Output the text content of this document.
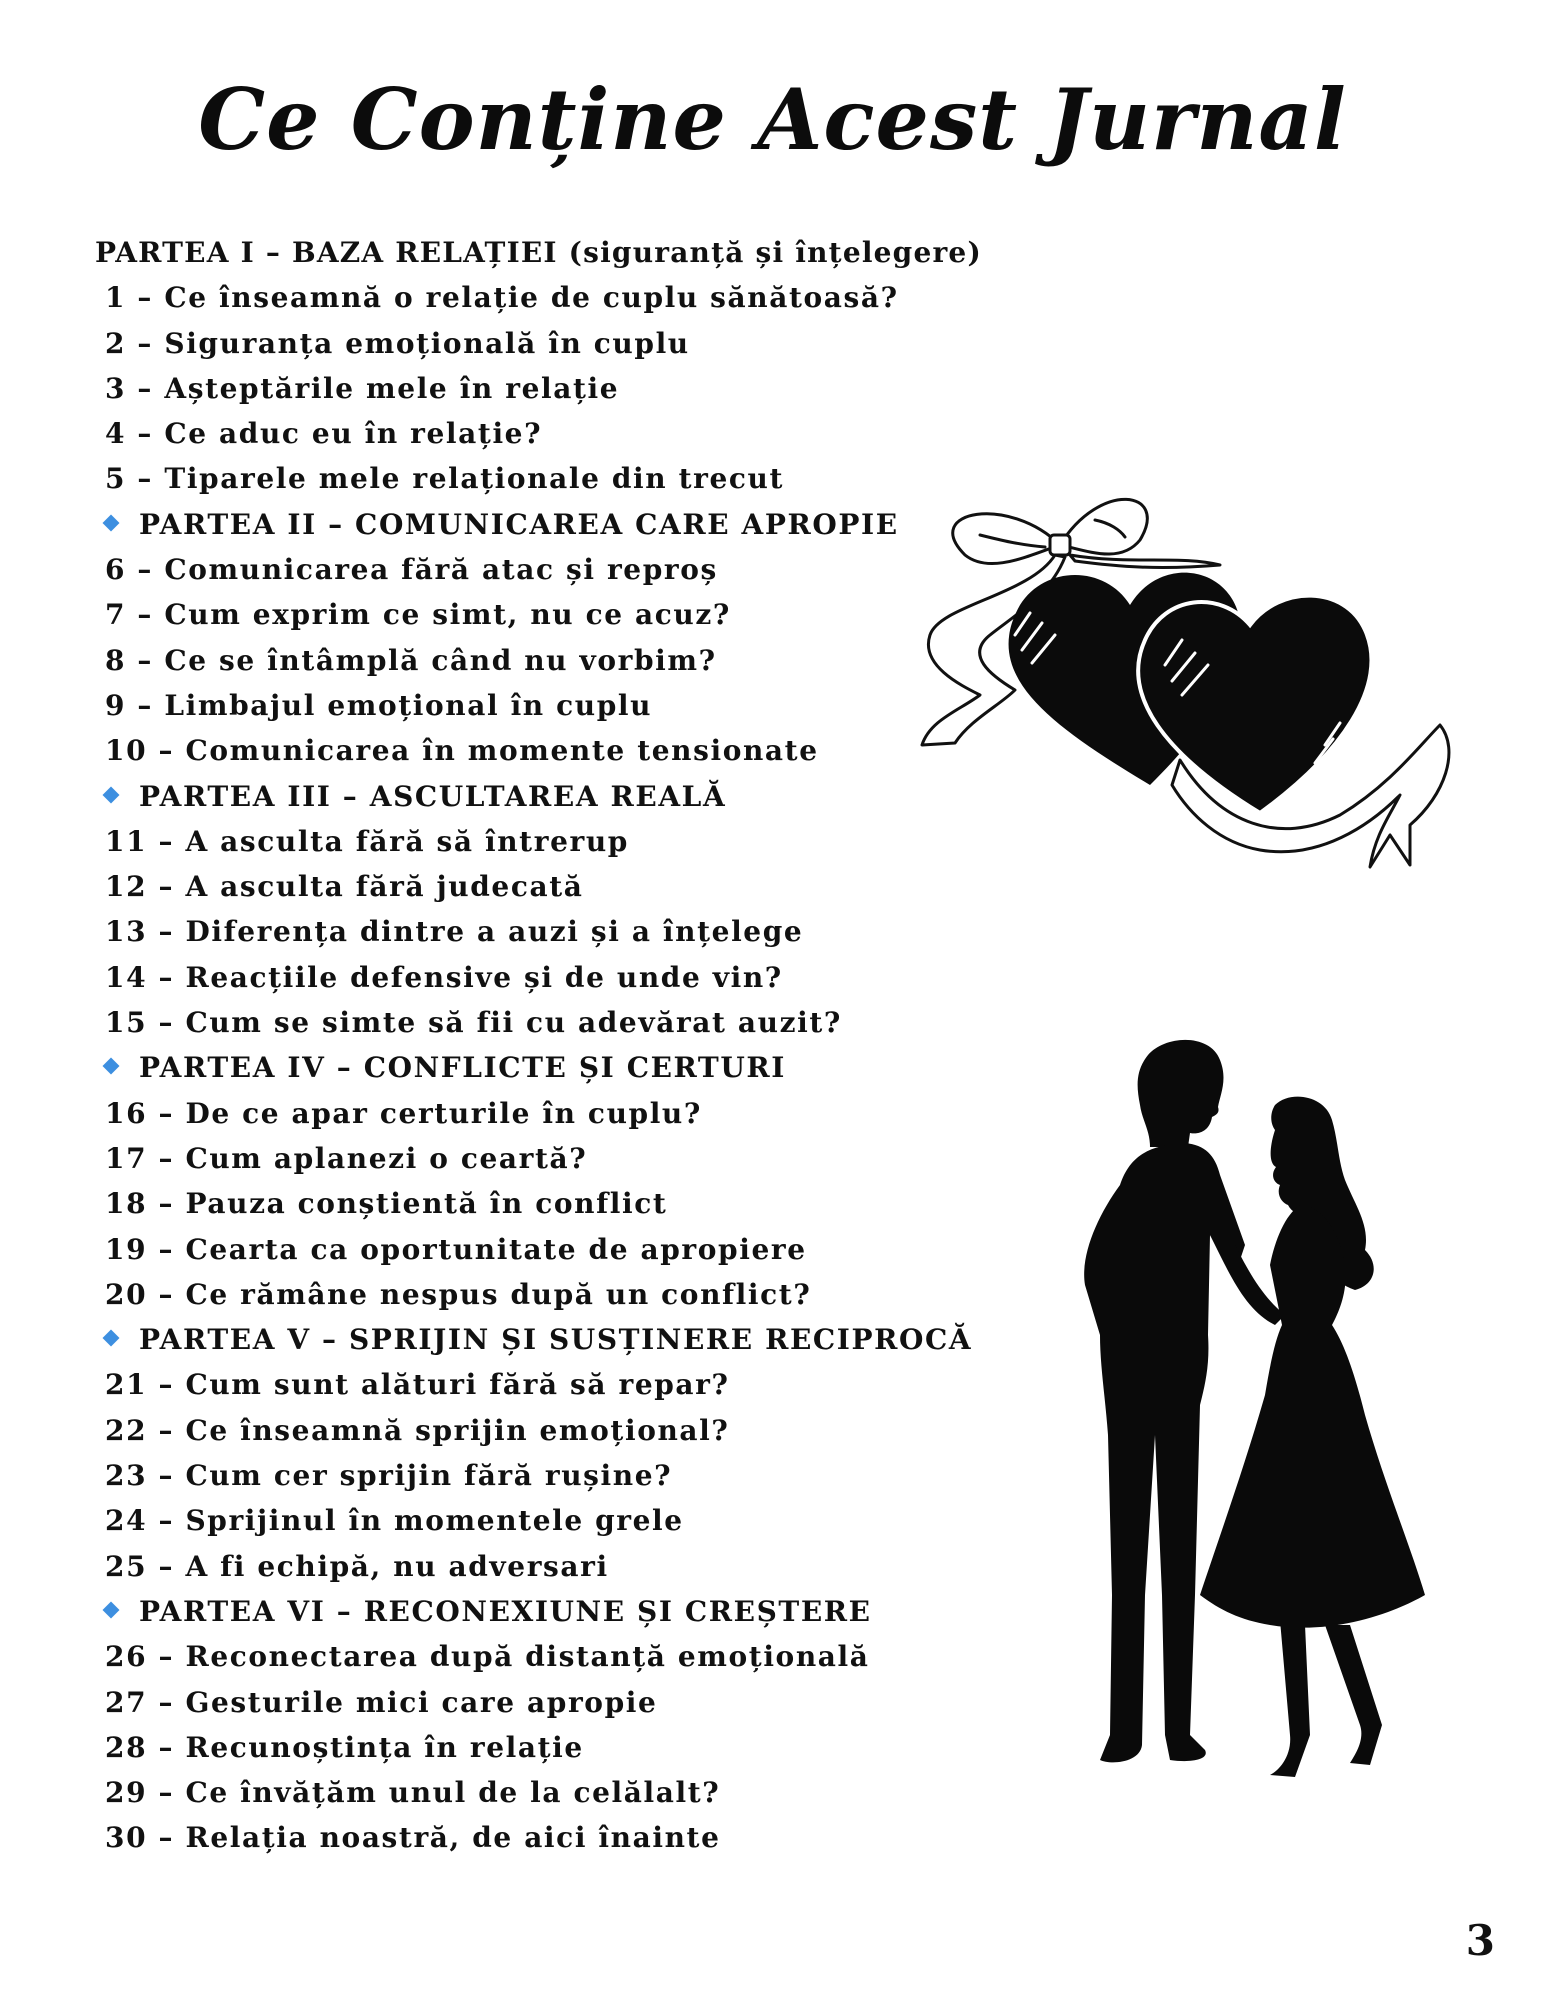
Ce Conține Acest Jurnal
PARTEA I – BAZA RELAȚIEI (siguranță și înțelegere)
1 – Ce înseamnă o relație de cuplu sănătoasă?
2 – Siguranța emoțională în cuplu
3 – Așteptările mele în relație
4 – Ce aduc eu în relație?
5 – Tiparele mele relaționale din trecut
PARTEA II – COMUNICAREA CARE APROPIE
6 – Comunicarea fără atac și reproș
7 – Cum exprim ce simt, nu ce acuz?
8 – Ce se întâmplă când nu vorbim?
9 – Limbajul emoțional în cuplu
10 – Comunicarea în momente tensionate
PARTEA III – ASCULTAREA REALĂ
11 – A asculta fără să întrerup
12 – A asculta fără judecată
13 – Diferența dintre a auzi și a înțelege
14 – Reacțiile defensive și de unde vin?
15 – Cum se simte să fii cu adevărat auzit?
PARTEA IV – CONFLICTE ȘI CERTURI
16 – De ce apar certurile în cuplu?
17 – Cum aplanezi o ceartă?
18 – Pauza conștientă în conflict
19 – Cearta ca oportunitate de apropiere
20 – Ce rămâne nespus după un conflict?
PARTEA V – SPRIJIN ȘI SUSȚINERE RECIPROCĂ
21 – Cum sunt alături fără să repar?
22 – Ce înseamnă sprijin emoțional?
23 – Cum cer sprijin fără rușine?
24 – Sprijinul în momentele grele
25 – A fi echipă, nu adversari
PARTEA VI – RECONEXIUNE ȘI CREȘTERE
26 – Reconectarea după distanță emoțională
27 – Gesturile mici care apropie
28 – Recunoștința în relație
29 – Ce învățăm unul de la celălalt?
30 – Relația noastră, de aici înainte
3
